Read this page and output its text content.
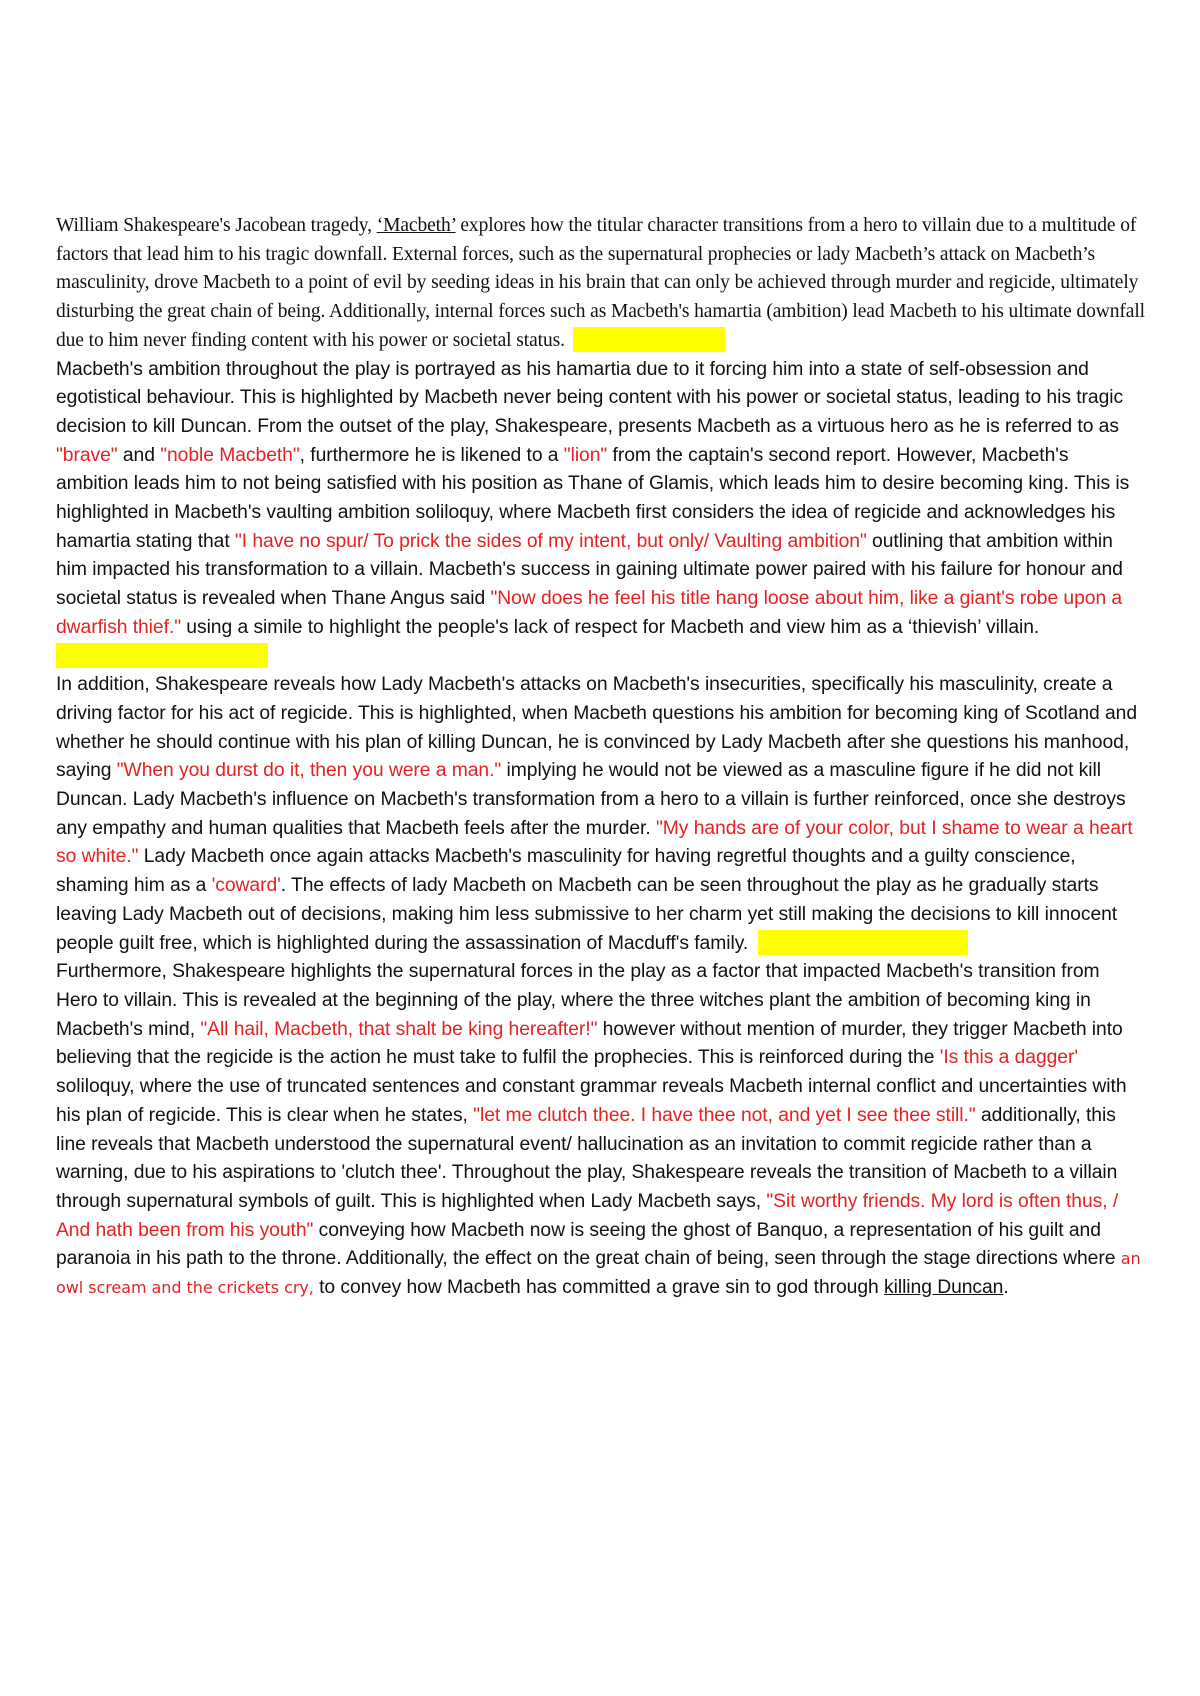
William Shakespeare's Jacobean tragedy, ‘Macbeth’ explores how the titular character transitions from a hero to villain due to a multitude of factors that lead him to his tragic downfall. External forces, such as the supernatural prophecies or lady Macbeth’s attack on Macbeth’s masculinity, drove Macbeth to a point of evil by seeding ideas in his brain that can only be achieved through murder and regicide, ultimately disturbing the great chain of being. Additionally, internal forces such as Macbeth's hamartia (ambition) lead Macbeth to his ultimate downfall due to him never finding content with his power or societal status.

Macbeth's ambition throughout the play is portrayed as his hamartia due to it forcing him into a state of self-obsession and egotistical behaviour. This is highlighted by Macbeth never being content with his power or societal status, leading to his tragic decision to kill Duncan. From the outset of the play, Shakespeare, presents Macbeth as a virtuous hero as he is referred to as "brave" and "noble Macbeth", furthermore he is likened to a "lion" from the captain's second report. However, Macbeth's ambition leads him to not being satisfied with his position as Thane of Glamis, which leads him to desire becoming king. This is highlighted in Macbeth's vaulting ambition soliloquy, where Macbeth first considers the idea of regicide and acknowledges his hamartia stating that "I have no spur/ To prick the sides of my intent, but only/ Vaulting ambition" outlining that ambition within him impacted his transformation to a villain. Macbeth's success in gaining ultimate power paired with his failure for honour and societal status is revealed when Thane Angus said "Now does he feel his title hang loose about him, like a giant's robe upon a dwarfish thief." using a simile to highlight the people's lack of respect for Macbeth and view him as a ‘thievish’ villain.

In addition, Shakespeare reveals how Lady Macbeth's attacks on Macbeth's insecurities, specifically his masculinity, create a driving factor for his act of regicide. This is highlighted, when Macbeth questions his ambition for becoming king of Scotland and whether he should continue with his plan of killing Duncan, he is convinced by Lady Macbeth after she questions his manhood, saying "When you durst do it, then you were a man." implying he would not be viewed as a masculine figure if he did not kill Duncan. Lady Macbeth's influence on Macbeth's transformation from a hero to a villain is further reinforced, once she destroys any empathy and human qualities that Macbeth feels after the murder. "My hands are of your color, but I shame to wear a heart so white." Lady Macbeth once again attacks Macbeth's masculinity for having regretful thoughts and a guilty conscience, shaming him as a 'coward'. The effects of lady Macbeth on Macbeth can be seen throughout the play as he gradually starts leaving Lady Macbeth out of decisions, making him less submissive to her charm yet still making the decisions to kill innocent people guilt free, which is highlighted during the assassination of Macduff's family.

Furthermore, Shakespeare highlights the supernatural forces in the play as a factor that impacted Macbeth's transition from Hero to villain. This is revealed at the beginning of the play, where the three witches plant the ambition of becoming king in Macbeth's mind, "All hail, Macbeth, that shalt be king hereafter!" however without mention of murder, they trigger Macbeth into believing that the regicide is the action he must take to fulfil the prophecies. This is reinforced during the 'Is this a dagger' soliloquy, where the use of truncated sentences and constant grammar reveals Macbeth internal conflict and uncertainties with his plan of regicide. This is clear when he states, "let me clutch thee. I have thee not, and yet I see thee still." additionally, this line reveals that Macbeth understood the supernatural event/ hallucination as an invitation to commit regicide rather than a warning, due to his aspirations to 'clutch thee'. Throughout the play, Shakespeare reveals the transition of Macbeth to a villain through supernatural symbols of guilt. This is highlighted when Lady Macbeth says, "Sit worthy friends. My lord is often thus, / And hath been from his youth" conveying how Macbeth now is seeing the ghost of Banquo, a representation of his guilt and paranoia in his path to the throne. Additionally, the effect on the great chain of being, seen through the stage directions where an owl scream and the crickets cry, to convey how Macbeth has committed a grave sin to god through killing Duncan.
